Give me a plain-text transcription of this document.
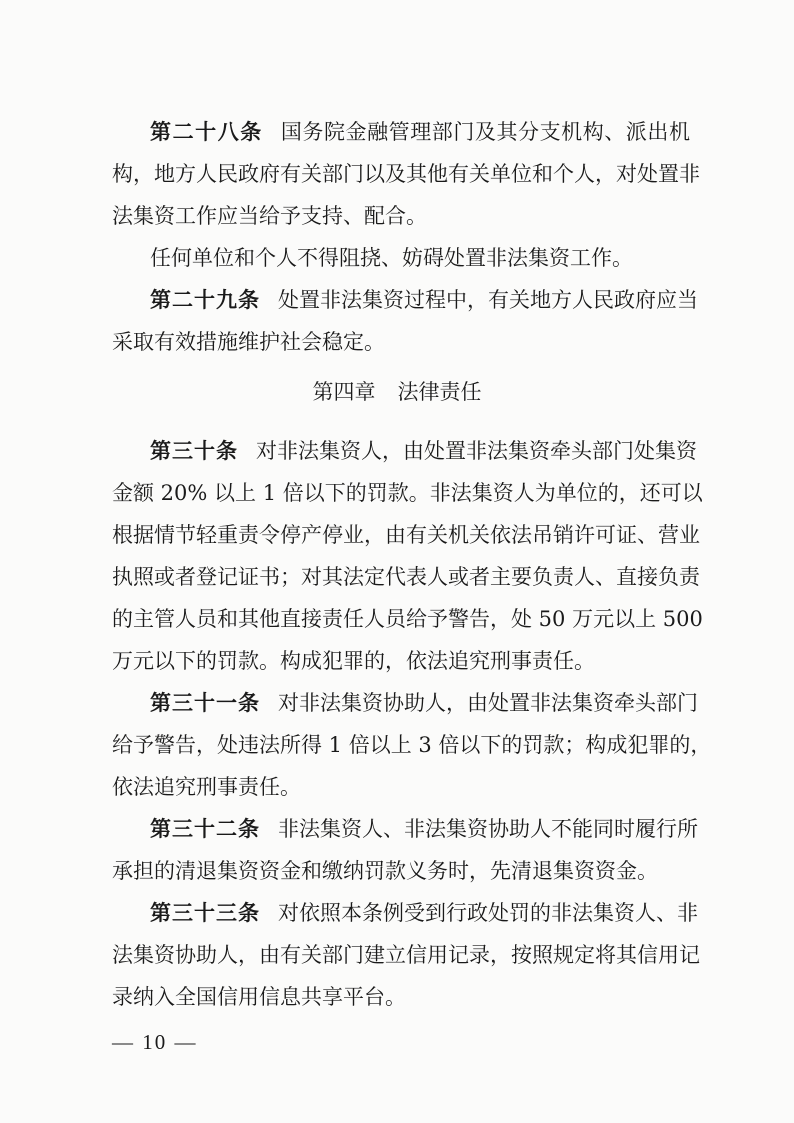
第二十八条 国务院金融管理部门及其分支机构、派出机
构，地方人民政府有关部门以及其他有关单位和个人，对处置非
法集资工作应当给予支持、配合。
任何单位和个人不得阻挠、妨碍处置非法集资工作。
第二十九条 处置非法集资过程中，有关地方人民政府应当
采取有效措施维护社会稳定。
第四章 法律责任
第三十条 对非法集资人，由处置非法集资牵头部门处集资
金额 20% 以上 1 倍以下的罚款。非法集资人为单位的，还可以
根据情节轻重责令停产停业，由有关机关依法吊销许可证、营业
执照或者登记证书；对其法定代表人或者主要负责人、直接负责
的主管人员和其他直接责任人员给予警告，处 50 万元以上 500
万元以下的罚款。构成犯罪的，依法追究刑事责任。
第三十一条 对非法集资协助人，由处置非法集资牵头部门
给予警告，处违法所得 1 倍以上 3 倍以下的罚款；构成犯罪的，
依法追究刑事责任。
第三十二条 非法集资人、非法集资协助人不能同时履行所
承担的清退集资资金和缴纳罚款义务时，先清退集资资金。
第三十三条 对依照本条例受到行政处罚的非法集资人、非
法集资协助人，由有关部门建立信用记录，按照规定将其信用记
录纳入全国信用信息共享平台。
— 10 —
